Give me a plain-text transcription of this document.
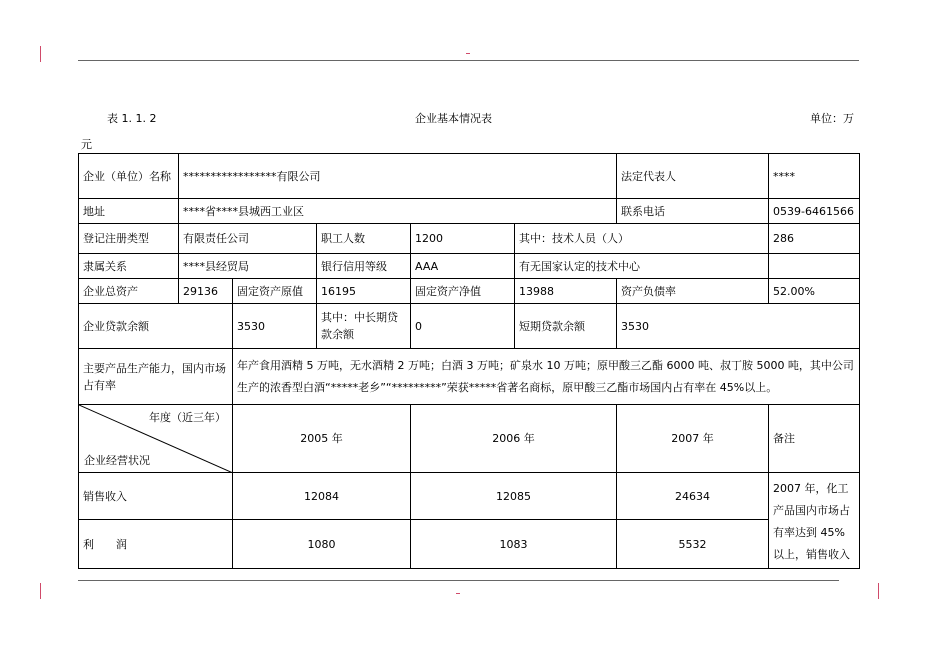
表 1. 1. 2	企业基本情况表	单位：万
元
企业（单位）名称	*****************有限公司					法定代表人	****
地址	****省****县城西工业区					联系电话	0539-6461566
登记注册类型	有限责任公司		职工人数	1200	其中：技术人员（人）		286
隶属关系	****县经贸局		银行信用等级	AAA	有无国家认定的技术中心		
企业总资产	29136	固定资产原值	16195	固定资产净值	13988	资产负债率	52.00%
企业贷款余额		3530	其中：中长期贷款余额	0	短期贷款余额	3530	
主要产品生产能力，国内市场占有率		年产食用酒精 5 万吨，无水酒精 2 万吨；白酒 3 万吨；矿泉水 10 万吨；原甲酸三乙酯 6000 吨、叔丁胺 5000 吨，其中公司生产的浓香型白酒“*****老乡”“*********”荣获*****省著名商标，原甲酸三乙酯市场国内占有率在 45%以上。					

年度（近三年）
企业经营状况		2005 年		2006 年		2007 年	备注
销售收入		12084		12085		24634	2007 年，化工产品国内市场占有率达到 45%以上，销售收入
利　　润		1080		1083		5532	
